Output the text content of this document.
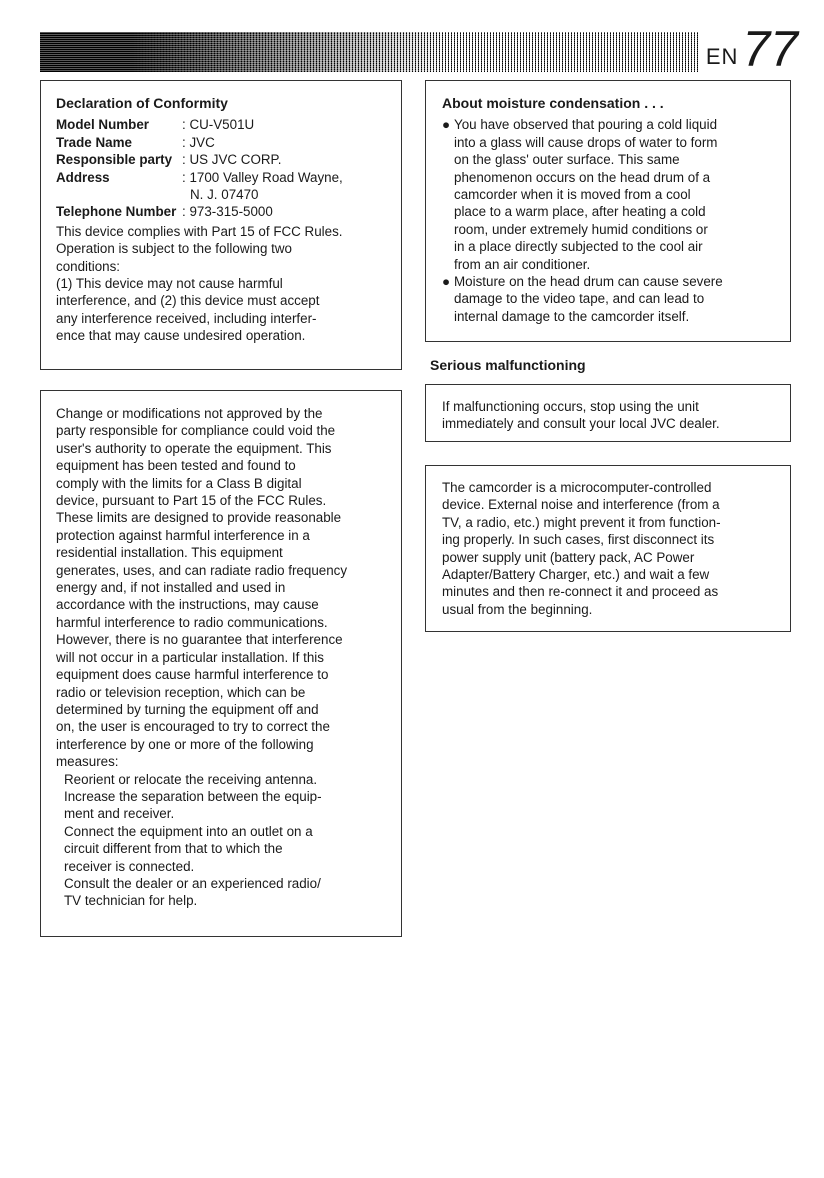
EN 77

Declaration of Conformity

Model Number	: CU-V501U
Trade Name	: JVC
Responsible party : US JVC CORP.
Address	: 1700 Valley Road Wayne,
N. J. 07470
Telephone Number : 973-315-5000

This device complies with Part 15 of FCC Rules.

Operation is subject to the following two

conditions:

(1) This device may not cause harmful

interference, and (2) this device must accept

any interference received, including interfer-

ence that may cause undesired operation.

Change or modifications not approved by the

party responsible for compliance could void the

user's authority to operate the equipment. This

equipment has been tested and found to

comply with the limits for a Class B digital

device, pursuant to Part 15 of the FCC Rules.

These limits are designed to provide reasonable

protection against harmful interference in a

residential installation. This equipment

generates, uses, and can radiate radio frequency

energy and, if not installed and used in

accordance with the instructions, may cause

harmful interference to radio communications.

However, there is no guarantee that interference

will not occur in a particular installation. If this

equipment does cause harmful interference to

radio or television reception, which can be

determined by turning the equipment off and

on, the user is encouraged to try to correct the

interference by one or more of the following

measures:

Reorient or relocate the receiving antenna.

Increase the separation between the equip-

ment and receiver.

Connect the equipment into an outlet on a

circuit different from that to which the

receiver is connected.

Consult the dealer or an experienced radio/

TV technician for help.

About moisture condensation . . .

● You have observed that pouring a cold liquid

into a glass will cause drops of water to form

on the glass' outer surface. This same

phenomenon occurs on the head drum of a

camcorder when it is moved from a cool

place to a warm place, after heating a cold

room, under extremely humid conditions or

in a place directly subjected to the cool air

from an air conditioner.

● Moisture on the head drum can cause severe

damage to the video tape, and can lead to

internal damage to the camcorder itself.

Serious malfunctioning

If malfunctioning occurs, stop using the unit

immediately and consult your local JVC dealer.

The camcorder is a microcomputer-controlled

device. External noise and interference (from a

TV, a radio, etc.) might prevent it from function-

ing properly. In such cases, first disconnect its

power supply unit (battery pack, AC Power

Adapter/Battery Charger, etc.) and wait a few

minutes and then re-connect it and proceed as

usual from the beginning.
